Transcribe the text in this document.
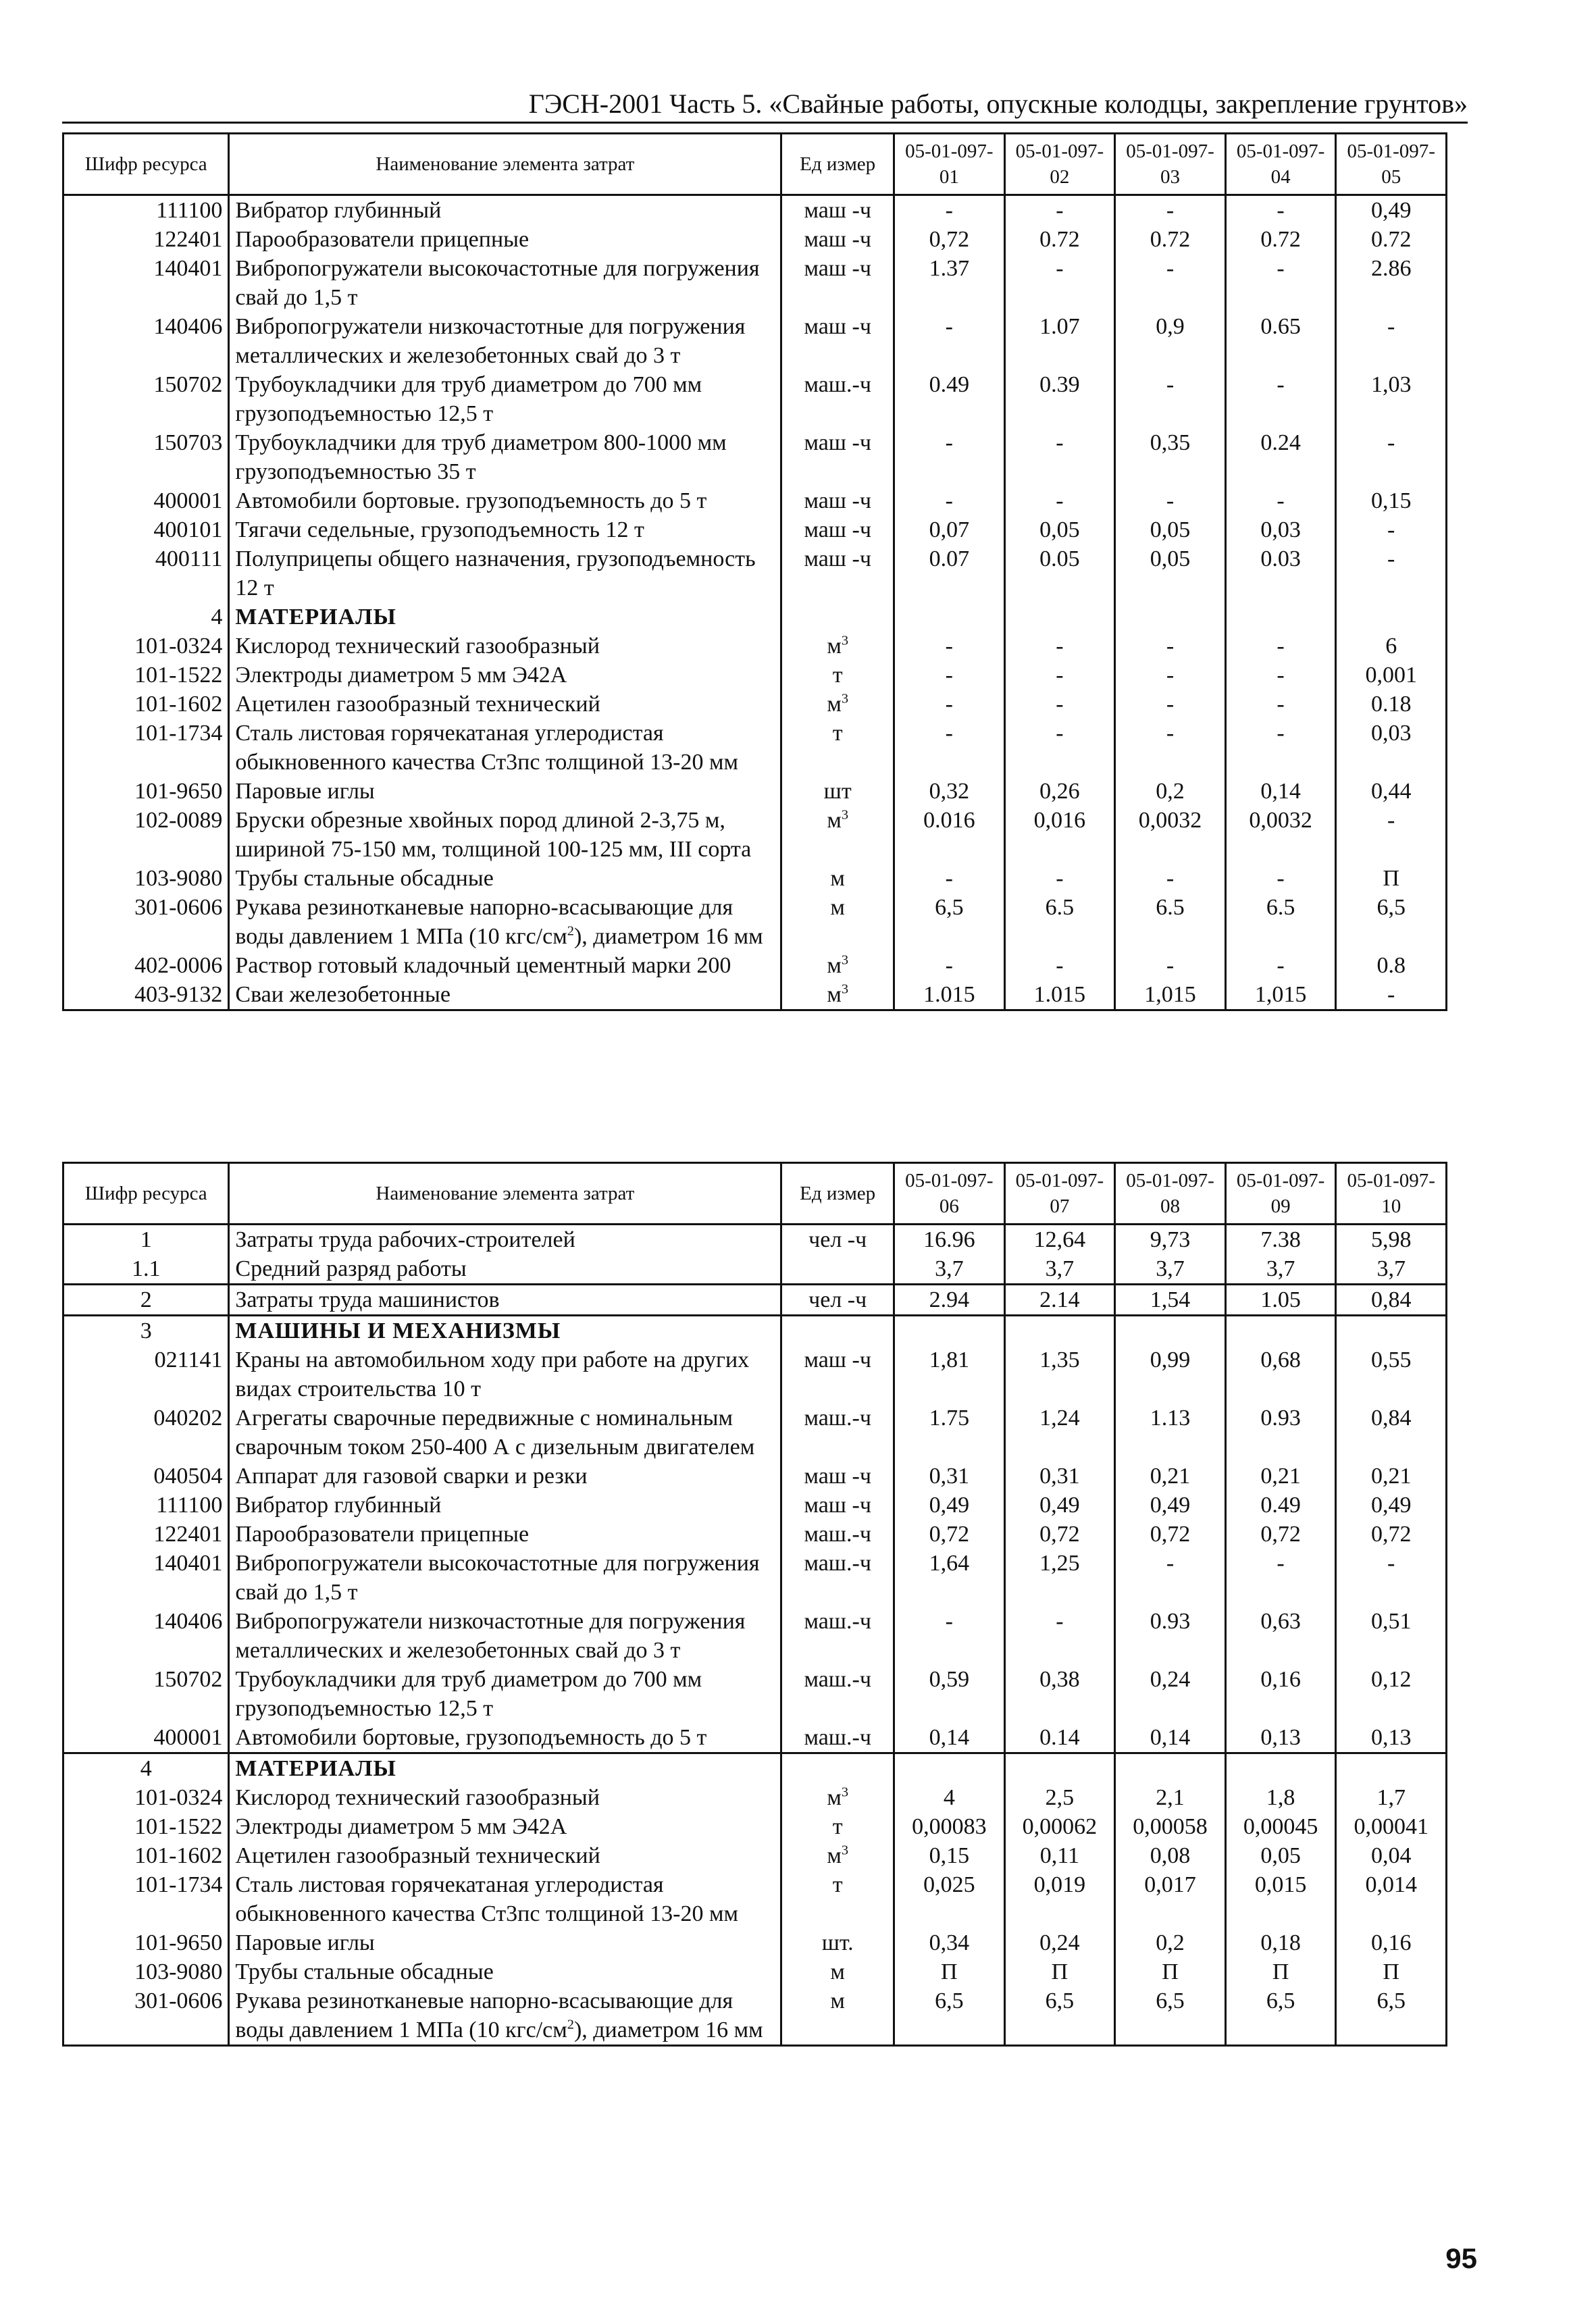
ГЭСН-2001 Часть 5. «Свайные работы, опускные колодцы, закрепление грунтов»
Шифр ресурса	Наименование элемента затрат	Ед измер	05-01-097-01	05-01-097-02	05-01-097-03	05-01-097-04	05-01-097-05
111100	Вибратор глубинный	маш -ч	-	-	-	-	0,49
122401	Парообразователи прицепные	маш -ч	0,72	0.72	0.72	0.72	0.72
140401	Вибропогружатели высокочастотные для погружения свай до 1,5 т	маш -ч	1.37	-	-	-	2.86
140406	Вибропогружатели низкочастотные для погружения металлических и железобетонных свай до 3 т	маш -ч	-	1.07	0,9	0.65	-
150702	Трубоукладчики для труб диаметром до 700 мм грузоподъемностью 12,5 т	маш.-ч	0.49	0.39	-	-	1,03
150703	Трубоукладчики для труб диаметром 800-1000 мм грузоподъемностью 35 т	маш -ч	-	-	0,35	0.24	-
400001	Автомобили бортовые. грузоподъемность до 5 т	маш -ч	-	-	-	-	0,15
400101	Тягачи седельные, грузоподъемность 12 т	маш -ч	0,07	0,05	0,05	0,03	-
400111	Полуприцепы общего назначения, грузоподъемность 12 т	маш -ч	0.07	0.05	0,05	0.03	-
4	МАТЕРИАЛЫ						
101-0324	Кислород технический газообразный	$м^3$	-	-	-	-	6
101-1522	Электроды диаметром 5 мм Э42А	т	-	-	-	-	0,001
101-1602	Ацетилен газообразный технический	$м^3$	-	-	-	-	0.18
101-1734	Сталь листовая горячекатаная углеродистая обыкновенного качества Ст3пс толщиной 13-20 мм	т	-	-	-	-	0,03
101-9650	Паровые иглы	шт	0,32	0,26	0,2	0,14	0,44
102-0089	Бруски обрезные хвойных пород длиной 2-3,75 м, шириной 75-150 мм, толщиной 100-125 мм, III сорта	$м^3$	0.016	0,016	0,0032	0,0032	-
103-9080	Трубы стальные обсадные	м	-	-	-	-	П
301-0606	Рукава резинотканевые напорно-всасывающие для воды давлением 1 МПа (10 кгс/$см^2$), диаметром 16 мм	м	6,5	6.5	6.5	6.5	6,5
402-0006	Раствор готовый кладочный цементный марки 200	$м^3$	-	-	-	-	0.8
403-9132	Сваи железобетонные	$м^3$	1.015	1.015	1,015	1,015	-
Шифр ресурса	Наименование элемента затрат	Ед измер	05-01-097-06	05-01-097-07	05-01-097-08	05-01-097-09	05-01-097-10
1	Затраты труда рабочих-строителей	чел -ч	16.96	12,64	9,73	7.38	5,98
1.1	Средний разряд работы		3,7	3,7	3,7	3,7	3,7
2	Затраты труда машинистов	чел -ч	2.94	2.14	1,54	1.05	0,84
3	МАШИНЫ И МЕХАНИЗМЫ						
021141	Краны на автомобильном ходу при работе на других видах строительства 10 т	маш -ч	1,81	1,35	0,99	0,68	0,55
040202	Агрегаты сварочные передвижные с номинальным сварочным током 250-400 А с дизельным двигателем	маш.-ч	1.75	1,24	1.13	0.93	0,84
040504	Аппарат для газовой сварки и резки	маш -ч	0,31	0,31	0,21	0,21	0,21
111100	Вибратор глубинный	маш -ч	0,49	0,49	0,49	0.49	0,49
122401	Парообразователи прицепные	маш.-ч	0,72	0,72	0,72	0,72	0,72
140401	Вибропогружатели высокочастотные для погружения свай до 1,5 т	маш.-ч	1,64	1,25	-	-	-
140406	Вибропогружатели низкочастотные для погружения металлических и железобетонных свай до 3 т	маш.-ч	-	-	0.93	0,63	0,51
150702	Трубоукладчики для труб диаметром до 700 мм грузоподъемностью 12,5 т	маш.-ч	0,59	0,38	0,24	0,16	0,12
400001	Автомобили бортовые, грузоподъемность до 5 т	маш.-ч	0,14	0.14	0,14	0,13	0,13
4	МАТЕРИАЛЫ						
101-0324	Кислород технический газообразный	$м^3$	4	2,5	2,1	1,8	1,7
101-1522	Электроды диаметром 5 мм Э42А	т	0,00083	0,00062	0,00058	0,00045	0,00041
101-1602	Ацетилен газообразный технический	$м^3$	0,15	0,11	0,08	0,05	0,04
101-1734	Сталь листовая горячекатаная углеродистая обыкновенного качества Ст3пс толщиной 13-20 мм	т	0,025	0,019	0,017	0,015	0,014
101-9650	Паровые иглы	шт.	0,34	0,24	0,2	0,18	0,16
103-9080	Трубы стальные обсадные	м	П	П	П	П	П
301-0606	Рукава резинотканевые напорно-всасывающие для воды давлением 1 МПа (10 кгс/$см^2$), диаметром 16 мм	м	6,5	6,5	6,5	6,5	6,5
95
